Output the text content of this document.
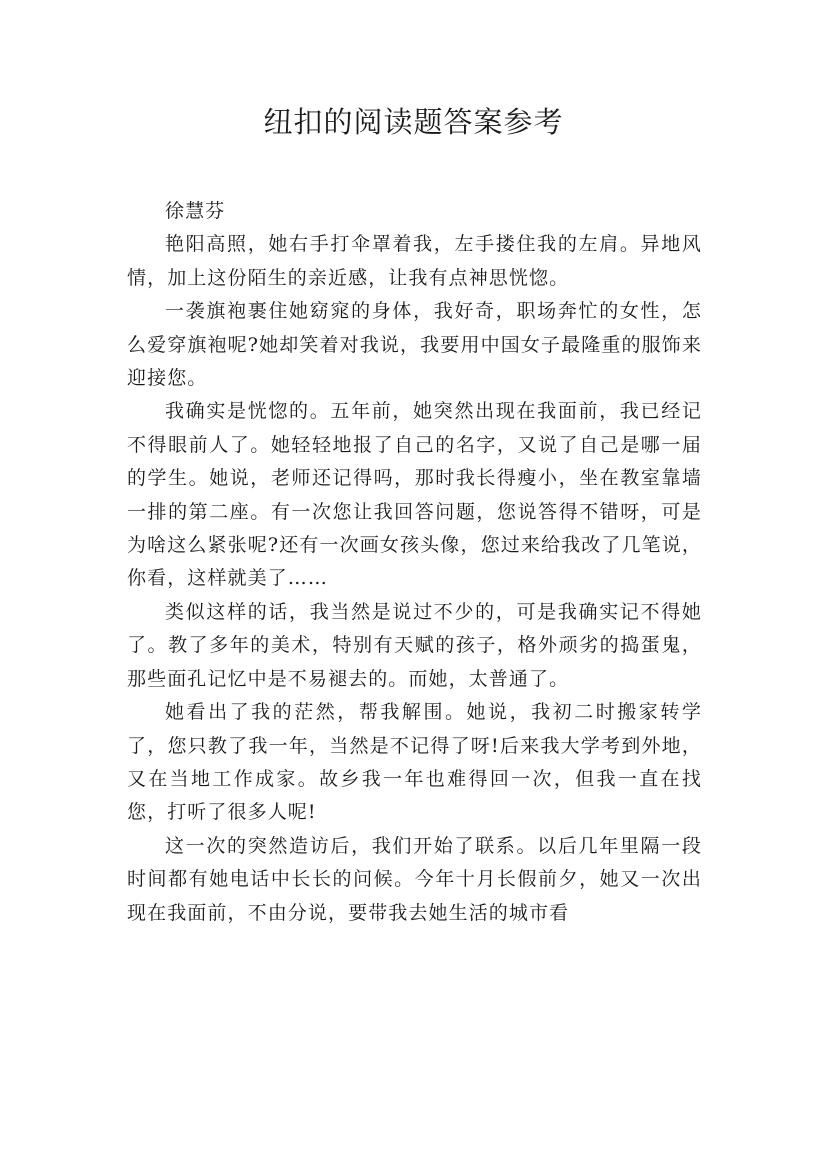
纽扣的阅读题答案参考

徐慧芬

艳阳高照，她右手打伞罩着我，左手搂住我的左肩。异地风情，加上这份陌生的亲近感，让我有点神思恍惚。

一袭旗袍裹住她窈窕的身体，我好奇，职场奔忙的女性，怎么爱穿旗袍呢?她却笑着对我说，我要用中国女子最隆重的服饰来迎接您。

我确实是恍惚的。五年前，她突然出现在我面前，我已经记不得眼前人了。她轻轻地报了自己的名字，又说了自己是哪一届的学生。她说，老师还记得吗，那时我长得瘦小，坐在教室靠墙一排的第二座。有一次您让我回答问题，您说答得不错呀，可是为啥这么紧张呢?还有一次画女孩头像，您过来给我改了几笔说，你看，这样就美了……

类似这样的话，我当然是说过不少的，可是我确实记不得她了。教了多年的美术，特别有天赋的孩子，格外顽劣的捣蛋鬼，那些面孔记忆中是不易褪去的。而她，太普通了。

她看出了我的茫然，帮我解围。她说，我初二时搬家转学了，您只教了我一年，当然是不记得了呀!后来我大学考到外地，又在当地工作成家。故乡我一年也难得回一次，但我一直在找您，打听了很多人呢!

这一次的突然造访后，我们开始了联系。以后几年里隔一段时间都有她电话中长长的问候。今年十月长假前夕，她又一次出现在我面前，不由分说，要带我去她生活的城市看
